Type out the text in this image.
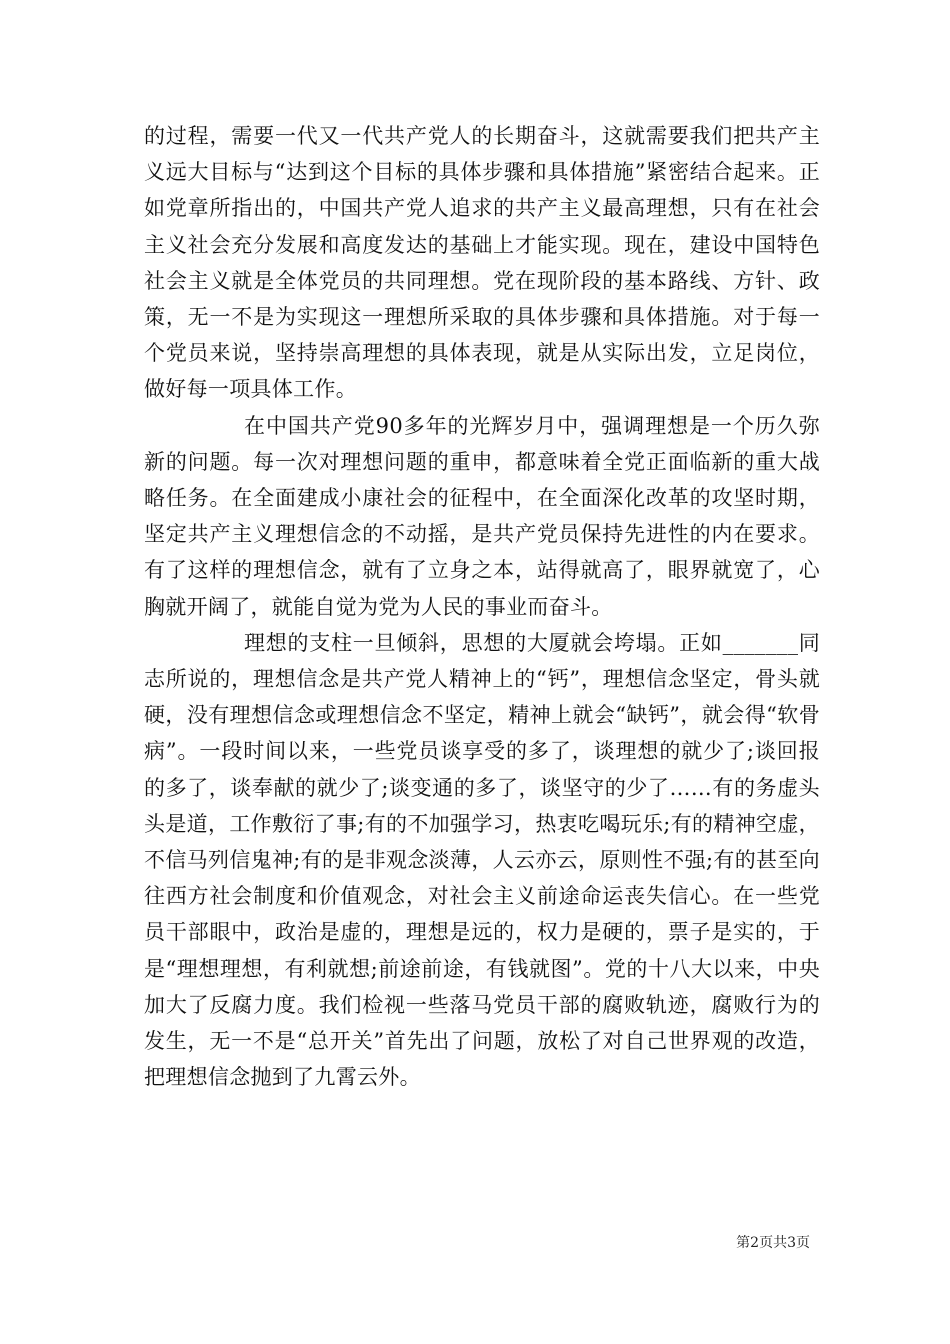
的过程，需要一代又一代共产党人的长期奋斗，这就需要我们把共产主义远大目标与“达到这个目标的具体步骤和具体措施”紧密结合起来。正如党章所指出的，中国共产党人追求的共产主义最高理想，只有在社会主义社会充分发展和高度发达的基础上才能实现。现在，建设中国特色社会主义就是全体党员的共同理想。党在现阶段的基本路线、方针、政策，无一不是为实现这一理想所采取的具体步骤和具体措施。对于每一个党员来说，坚持崇高理想的具体表现，就是从实际出发，立足岗位，做好每一项具体工作。

在中国共产党90多年的光辉岁月中，强调理想是一个历久弥新的问题。每一次对理想问题的重申，都意味着全党正面临新的重大战略任务。在全面建成小康社会的征程中，在全面深化改革的攻坚时期，坚定共产主义理想信念的不动摇，是共产党员保持先进性的内在要求。有了这样的理想信念，就有了立身之本，站得就高了，眼界就宽了，心胸就开阔了，就能自觉为党为人民的事业而奋斗。

理想的支柱一旦倾斜，思想的大厦就会垮塌。正如_______同志所说的，理想信念是共产党人精神上的“钙”，理想信念坚定，骨头就硬，没有理想信念或理想信念不坚定，精神上就会“缺钙”，就会得“软骨病”。一段时间以来，一些党员谈享受的多了，谈理想的就少了;谈回报的多了，谈奉献的就少了;谈变通的多了，谈坚守的少了……有的务虚头头是道，工作敷衍了事;有的不加强学习，热衷吃喝玩乐;有的精神空虚，不信马列信鬼神;有的是非观念淡薄，人云亦云，原则性不强;有的甚至向往西方社会制度和价值观念，对社会主义前途命运丧失信心。在一些党员干部眼中，政治是虚的，理想是远的，权力是硬的，票子是实的，于是“理想理想，有利就想;前途前途，有钱就图”。党的十八大以来，中央加大了反腐力度。我们检视一些落马党员干部的腐败轨迹，腐败行为的发生，无一不是“总开关”首先出了问题，放松了对自己世界观的改造，把理想信念抛到了九霄云外。

第2页共3页
